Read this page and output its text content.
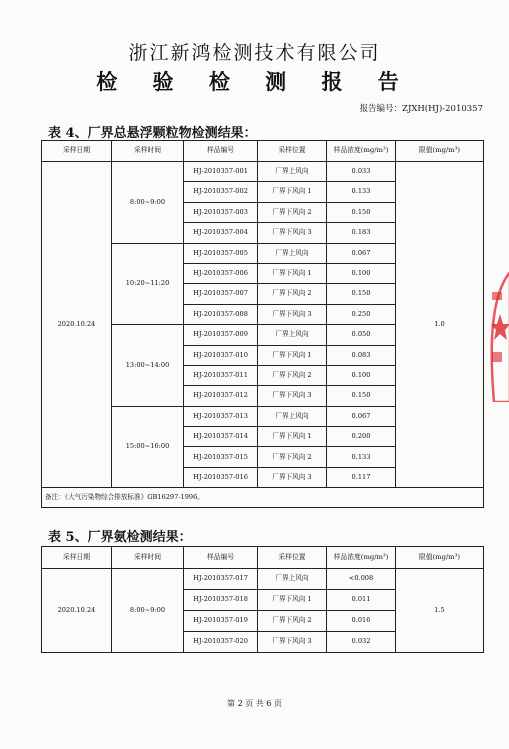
浙江新鸿检测技术有限公司
检 验 检 测 报 告
报告编号：ZJXH(HJ)-2010357
表 4、厂界总悬浮颗粒物检测结果：
采样日期	采样时间	样品编号	采样位置	样品浓度(mg/m³)	限值(mg/m³)
2020.10.24	8:00~9:00	HJ-2010357-001	厂界上风向	0.033	1.0
		HJ-2010357-002	厂界下风向 1	0.133	
		HJ-2010357-003	厂界下风向 2	0.150	
		HJ-2010357-004	厂界下风向 3	0.183	
	10:20~11:20	HJ-2010357-005	厂界上风向	0.067	
		HJ-2010357-006	厂界下风向 1	0.100	
		HJ-2010357-007	厂界下风向 2	0.150	
		HJ-2010357-008	厂界下风向 3	0.250	
	13:00~14:00	HJ-2010357-009	厂界上风向	0.050	
		HJ-2010357-010	厂界下风向 1	0.083	
		HJ-2010357-011	厂界下风向 2	0.100	
		HJ-2010357-012	厂界下风向 3	0.150	
	15:00~16:00	HJ-2010357-013	厂界上风向	0.067	
		HJ-2010357-014	厂界下风向 1	0.200	
		HJ-2010357-015	厂界下风向 2	0.133	
		HJ-2010357-016	厂界下风向 3	0.117	
备注：《大气污染物综合排放标准》GB16297-1996。					
表 5、厂界氨检测结果：
采样日期	采样时间	样品编号	采样位置	样品浓度(mg/m³)	限值(mg/m³)
2020.10.24	8:00~9:00	HJ-2010357-017	厂界上风向	<0.008	1.5
		HJ-2010357-018	厂界下风向 1	0.011	
		HJ-2010357-019	厂界下风向 2	0.016	
		HJ-2010357-020	厂界下风向 3	0.032	
第 2 页 共 6 页
